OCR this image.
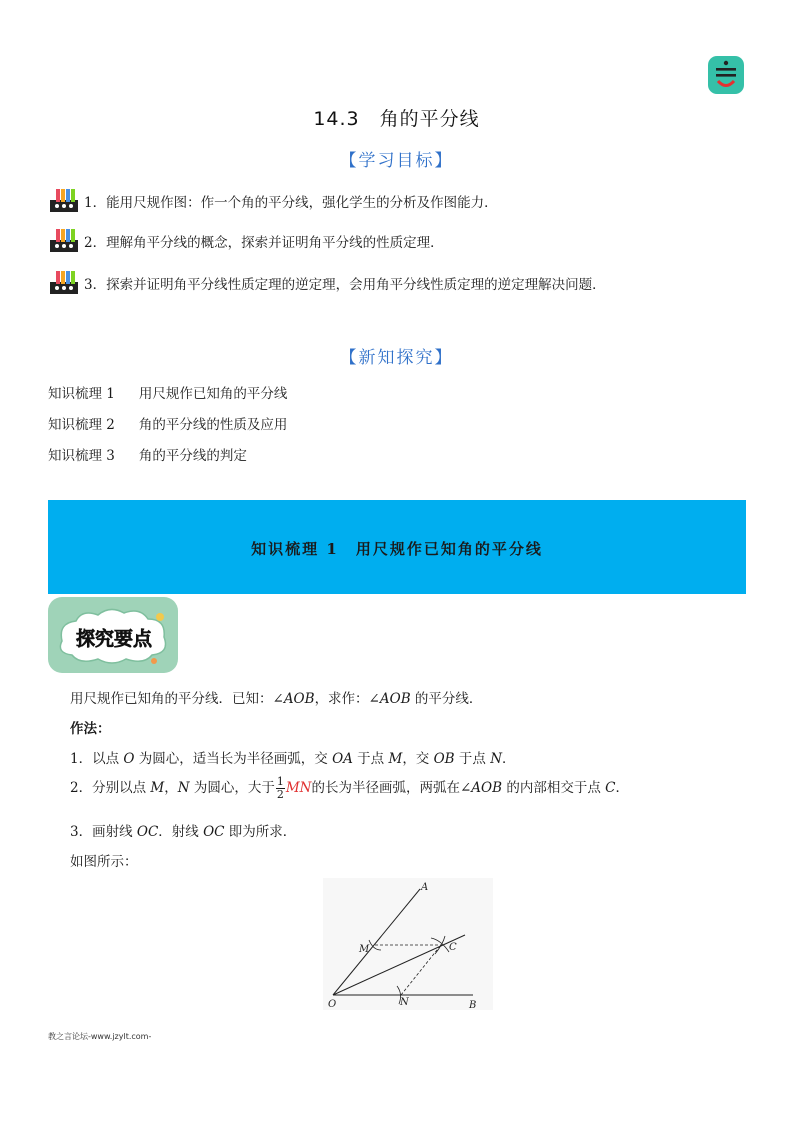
14.3　角的平分线
【学习目标】
1．能用尺规作图：作一个角的平分线，强化学生的分析及作图能力．
2．理解角平分线的概念，探索并证明角平分线的性质定理．
3．探索并证明角平分线性质定理的逆定理，会用角平分线性质定理的逆定理解决问题．
【新知探究】
知识梳理 1 用尺规作已知角的平分线
知识梳理 2 角的平分线的性质及应用
知识梳理 3 角的平分线的判定
知识梳理 1　用尺规作已知角的平分线
探究要点
用尺规作已知角的平分线．已知：∠AOB，求作：∠AOB 的平分线．
作法：
1．以点 O 为圆心，适当长为半径画弧，交 OA 于点 M，交 OB 于点 N．
2．分别以点 M，N 为圆心，大于 $\frac{1}{2}$ MN的长为半径画弧，两弧在∠AOB 的内部相交于点 C．
3．画射线 OC．射线 OC 即为所求．
如图所示：
A
B
C
M
N
O
教之言论坛-www.jzylt.com-
